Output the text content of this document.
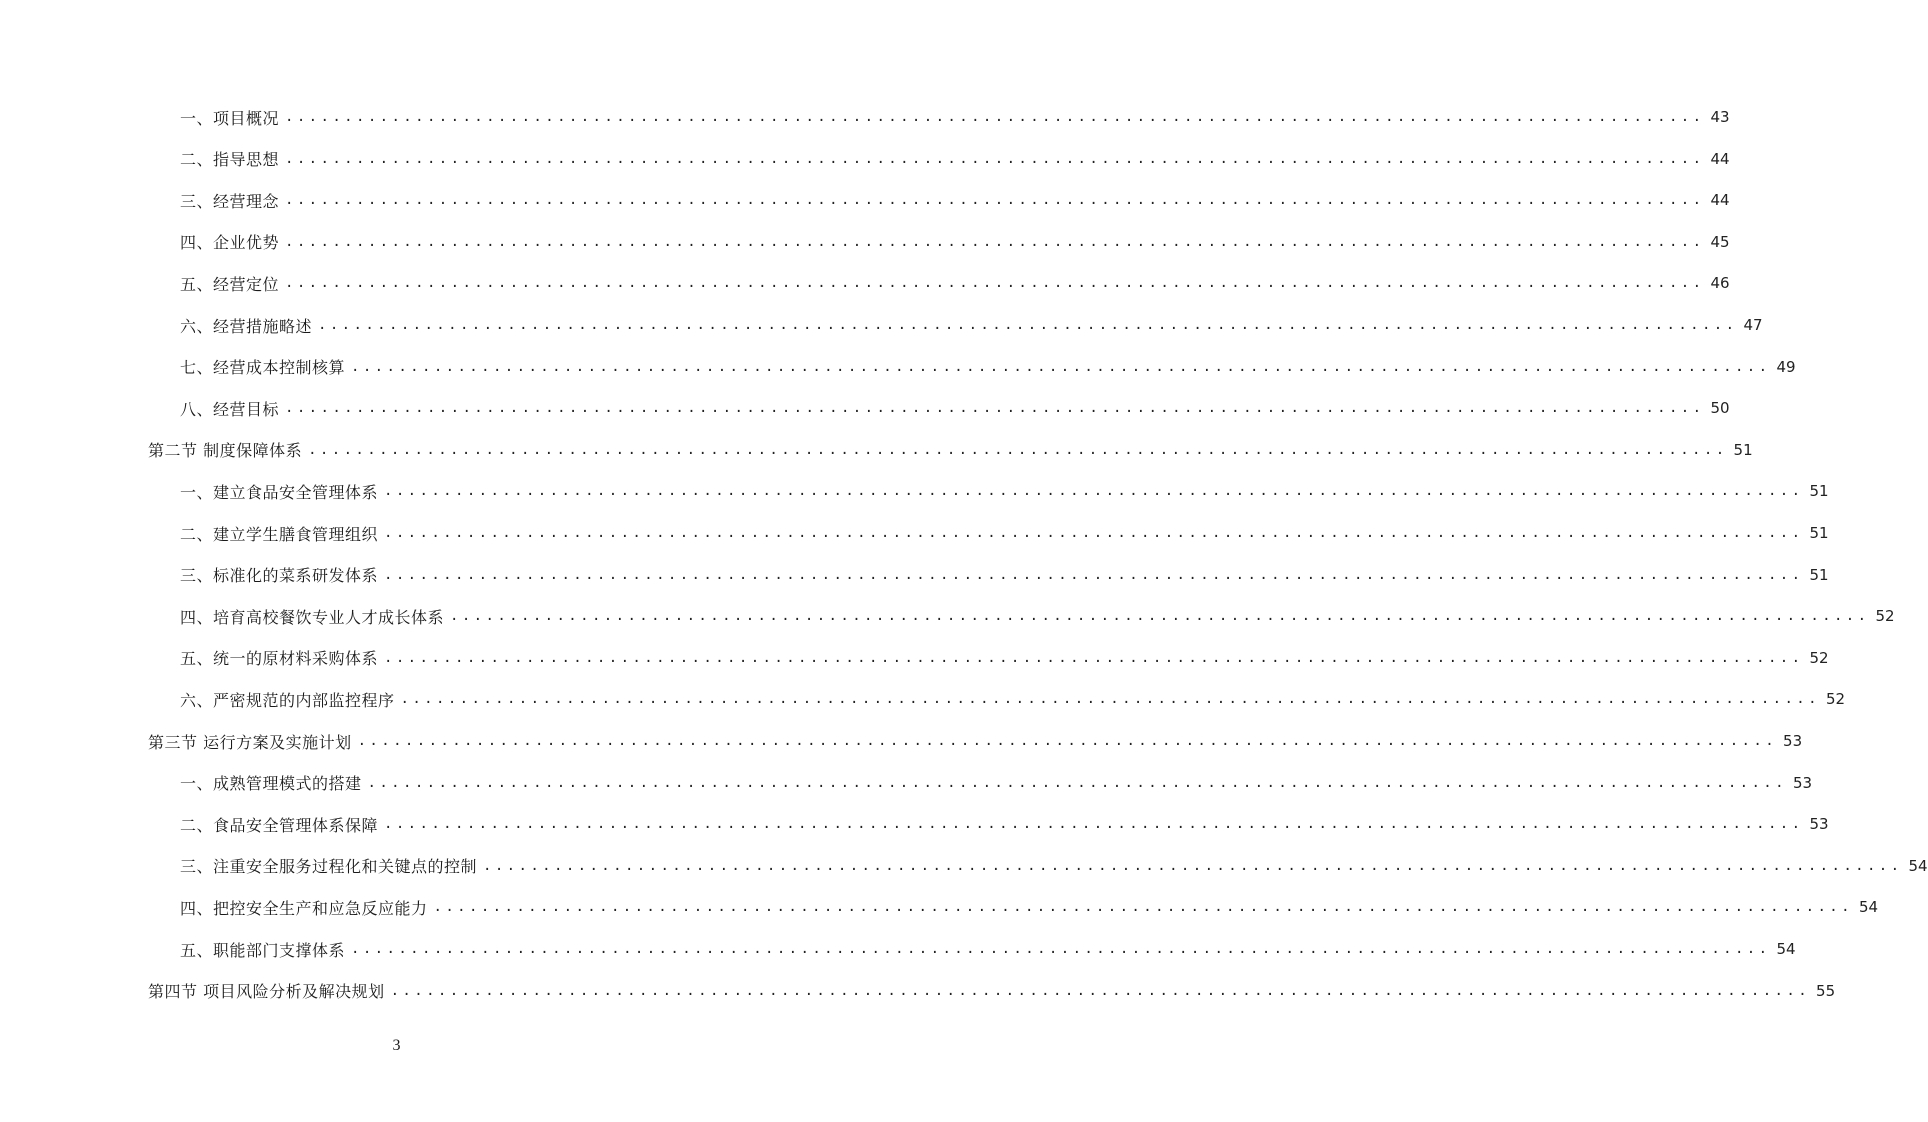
一、项目概况 ........................................................................................................................ 43
二、指导思想 ........................................................................................................................ 44
三、经营理念 ........................................................................................................................ 44
四、企业优势 ........................................................................................................................ 45
五、经营定位 ........................................................................................................................ 46
六、经营措施略述 ........................................................................................................................ 47
七、经营成本控制核算 ........................................................................................................................ 49
八、经营目标 ........................................................................................................................ 50
第二节 制度保障体系 ........................................................................................................................ 51
一、建立食品安全管理体系 ........................................................................................................................ 51
二、建立学生膳食管理组织 ........................................................................................................................ 51
三、标准化的菜系研发体系 ........................................................................................................................ 51
四、培育高校餐饮专业人才成长体系 ........................................................................................................................ 52
五、统一的原材料采购体系 ........................................................................................................................ 52
六、严密规范的内部监控程序 ........................................................................................................................ 52
第三节 运行方案及实施计划 ........................................................................................................................ 53
一、成熟管理模式的搭建 ........................................................................................................................ 53
二、食品安全管理体系保障 ........................................................................................................................ 53
三、注重安全服务过程化和关键点的控制 ........................................................................................................................ 54
四、把控安全生产和应急反应能力 ........................................................................................................................ 54
五、职能部门支撑体系 ........................................................................................................................ 54
第四节 项目风险分析及解决规划 ........................................................................................................................ 55
3
